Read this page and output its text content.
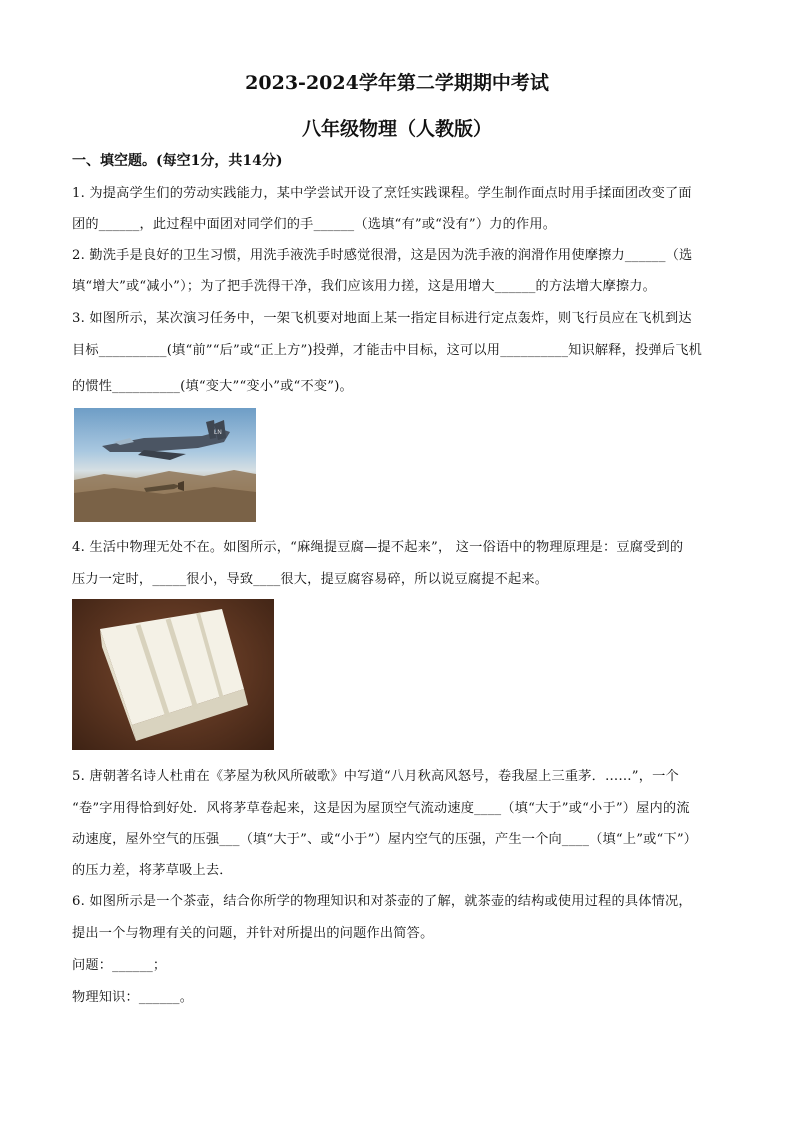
2023-2024学年第二学期期中考试
八年级物理（人教版）
一、填空题。(每空1分，共14分)
1. 为提高学生们的劳动实践能力，某中学尝试开设了烹饪实践课程。学生制作面点时用手揉面团改变了面
团的______，此过程中面团对同学们的手______（选填“有”或“没有”）力的作用。
2. 勤洗手是良好的卫生习惯，用洗手液洗手时感觉很滑，这是因为洗手液的润滑作用使摩擦力______（选
填“增大”或“减小”）；为了把手洗得干净，我们应该用力搓，这是用增大______的方法增大摩擦力。
3. 如图所示，某次演习任务中，一架飞机要对地面上某一指定目标进行定点轰炸，则飞行员应在飞机到达
目标__________(填“前”“后”或“正上方”)投弹，才能击中目标，这可以用__________知识解释，投弹后飞机
的惯性__________(填“变大”“变小”或“不变”)。
LN
4. 生活中物理无处不在。如图所示，“麻绳提豆腐—提不起来”， 这一俗语中的物理原理是：豆腐受到的
压力一定时，_____很小，导致____很大，提豆腐容易碎，所以说豆腐提不起来。
5. 唐朝著名诗人杜甫在《茅屋为秋风所破歌》中写道“八月秋高风怒号，卷我屋上三重茅．……”，一个
“卷”字用得恰到好处．风将茅草卷起来，这是因为屋顶空气流动速度____（填“大于”或“小于”）屋内的流
动速度，屋外空气的压强___（填“大于”、或“小于”）屋内空气的压强，产生一个向____（填“上”或“下”）
的压力差，将茅草吸上去．
6. 如图所示是一个茶壶，结合你所学的物理知识和对茶壶的了解，就茶壶的结构或使用过程的具体情况，
提出一个与物理有关的问题，并针对所提出的问题作出简答。
问题：______；
物理知识：______。
